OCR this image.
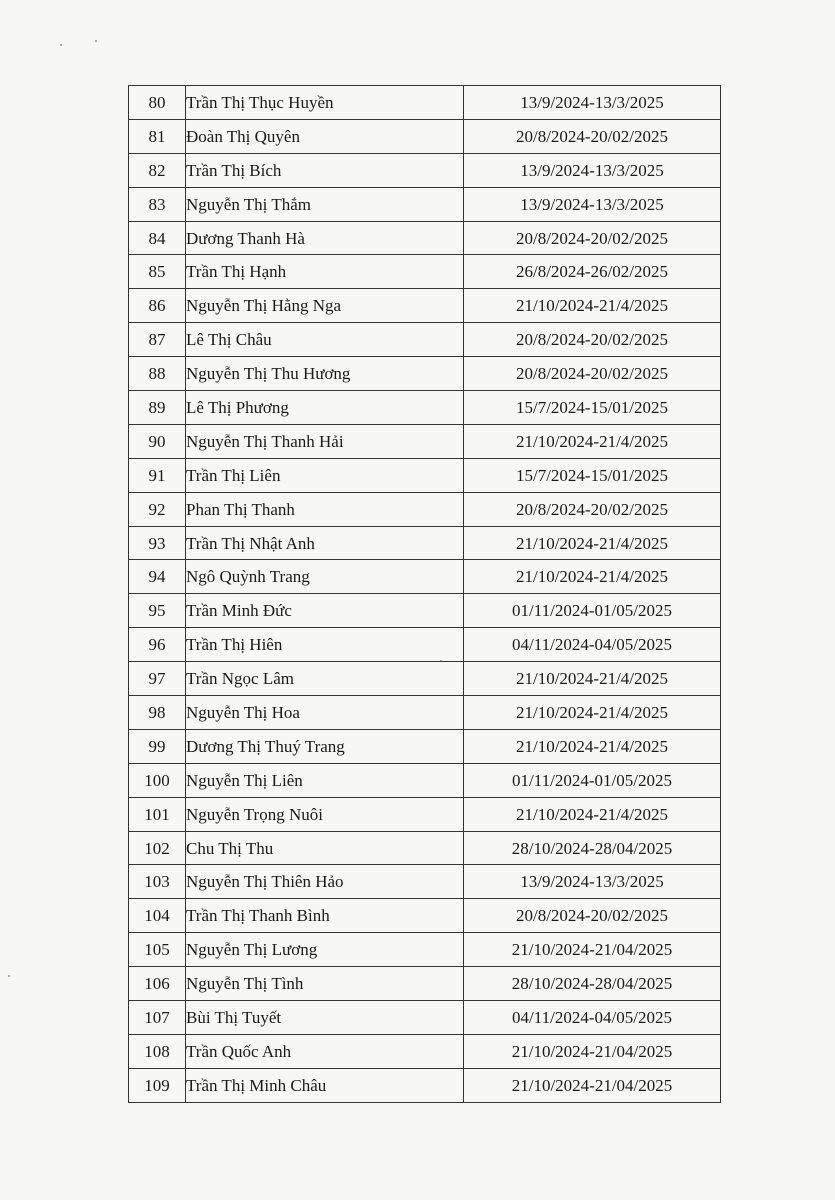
80	Trần Thị Thục Huyền	13/9/2024-13/3/2025
81	Đoàn Thị Quyên	20/8/2024-20/02/2025
82	Trần Thị Bích	13/9/2024-13/3/2025
83	Nguyễn Thị Thắm	13/9/2024-13/3/2025
84	Dương Thanh Hà	20/8/2024-20/02/2025
85	Trần Thị Hạnh	26/8/2024-26/02/2025
86	Nguyễn Thị Hằng Nga	21/10/2024-21/4/2025
87	Lê Thị Châu	20/8/2024-20/02/2025
88	Nguyễn Thị Thu Hương	20/8/2024-20/02/2025
89	Lê Thị Phương	15/7/2024-15/01/2025
90	Nguyễn Thị Thanh Hải	21/10/2024-21/4/2025
91	Trần Thị Liên	15/7/2024-15/01/2025
92	Phan Thị Thanh	20/8/2024-20/02/2025
93	Trần Thị Nhật Anh	21/10/2024-21/4/2025
94	Ngô Quỳnh Trang	21/10/2024-21/4/2025
95	Trần Minh Đức	01/11/2024-01/05/2025
96	Trần Thị Hiên	04/11/2024-04/05/2025
97	Trần Ngọc Lâm	21/10/2024-21/4/2025
98	Nguyễn Thị Hoa	21/10/2024-21/4/2025
99	Dương Thị Thuý Trang	21/10/2024-21/4/2025
100	Nguyễn Thị Liên	01/11/2024-01/05/2025
101	Nguyễn Trọng Nuôi	21/10/2024-21/4/2025
102	Chu Thị Thu	28/10/2024-28/04/2025
103	Nguyễn Thị Thiên Hảo	13/9/2024-13/3/2025
104	Trần Thị Thanh Bình	20/8/2024-20/02/2025
105	Nguyễn Thị Lương	21/10/2024-21/04/2025
106	Nguyễn Thị Tình	28/10/2024-28/04/2025
107	Bùi Thị Tuyết	04/11/2024-04/05/2025
108	Trần Quốc Anh	21/10/2024-21/04/2025
109	Trần Thị Minh Châu	21/10/2024-21/04/2025
